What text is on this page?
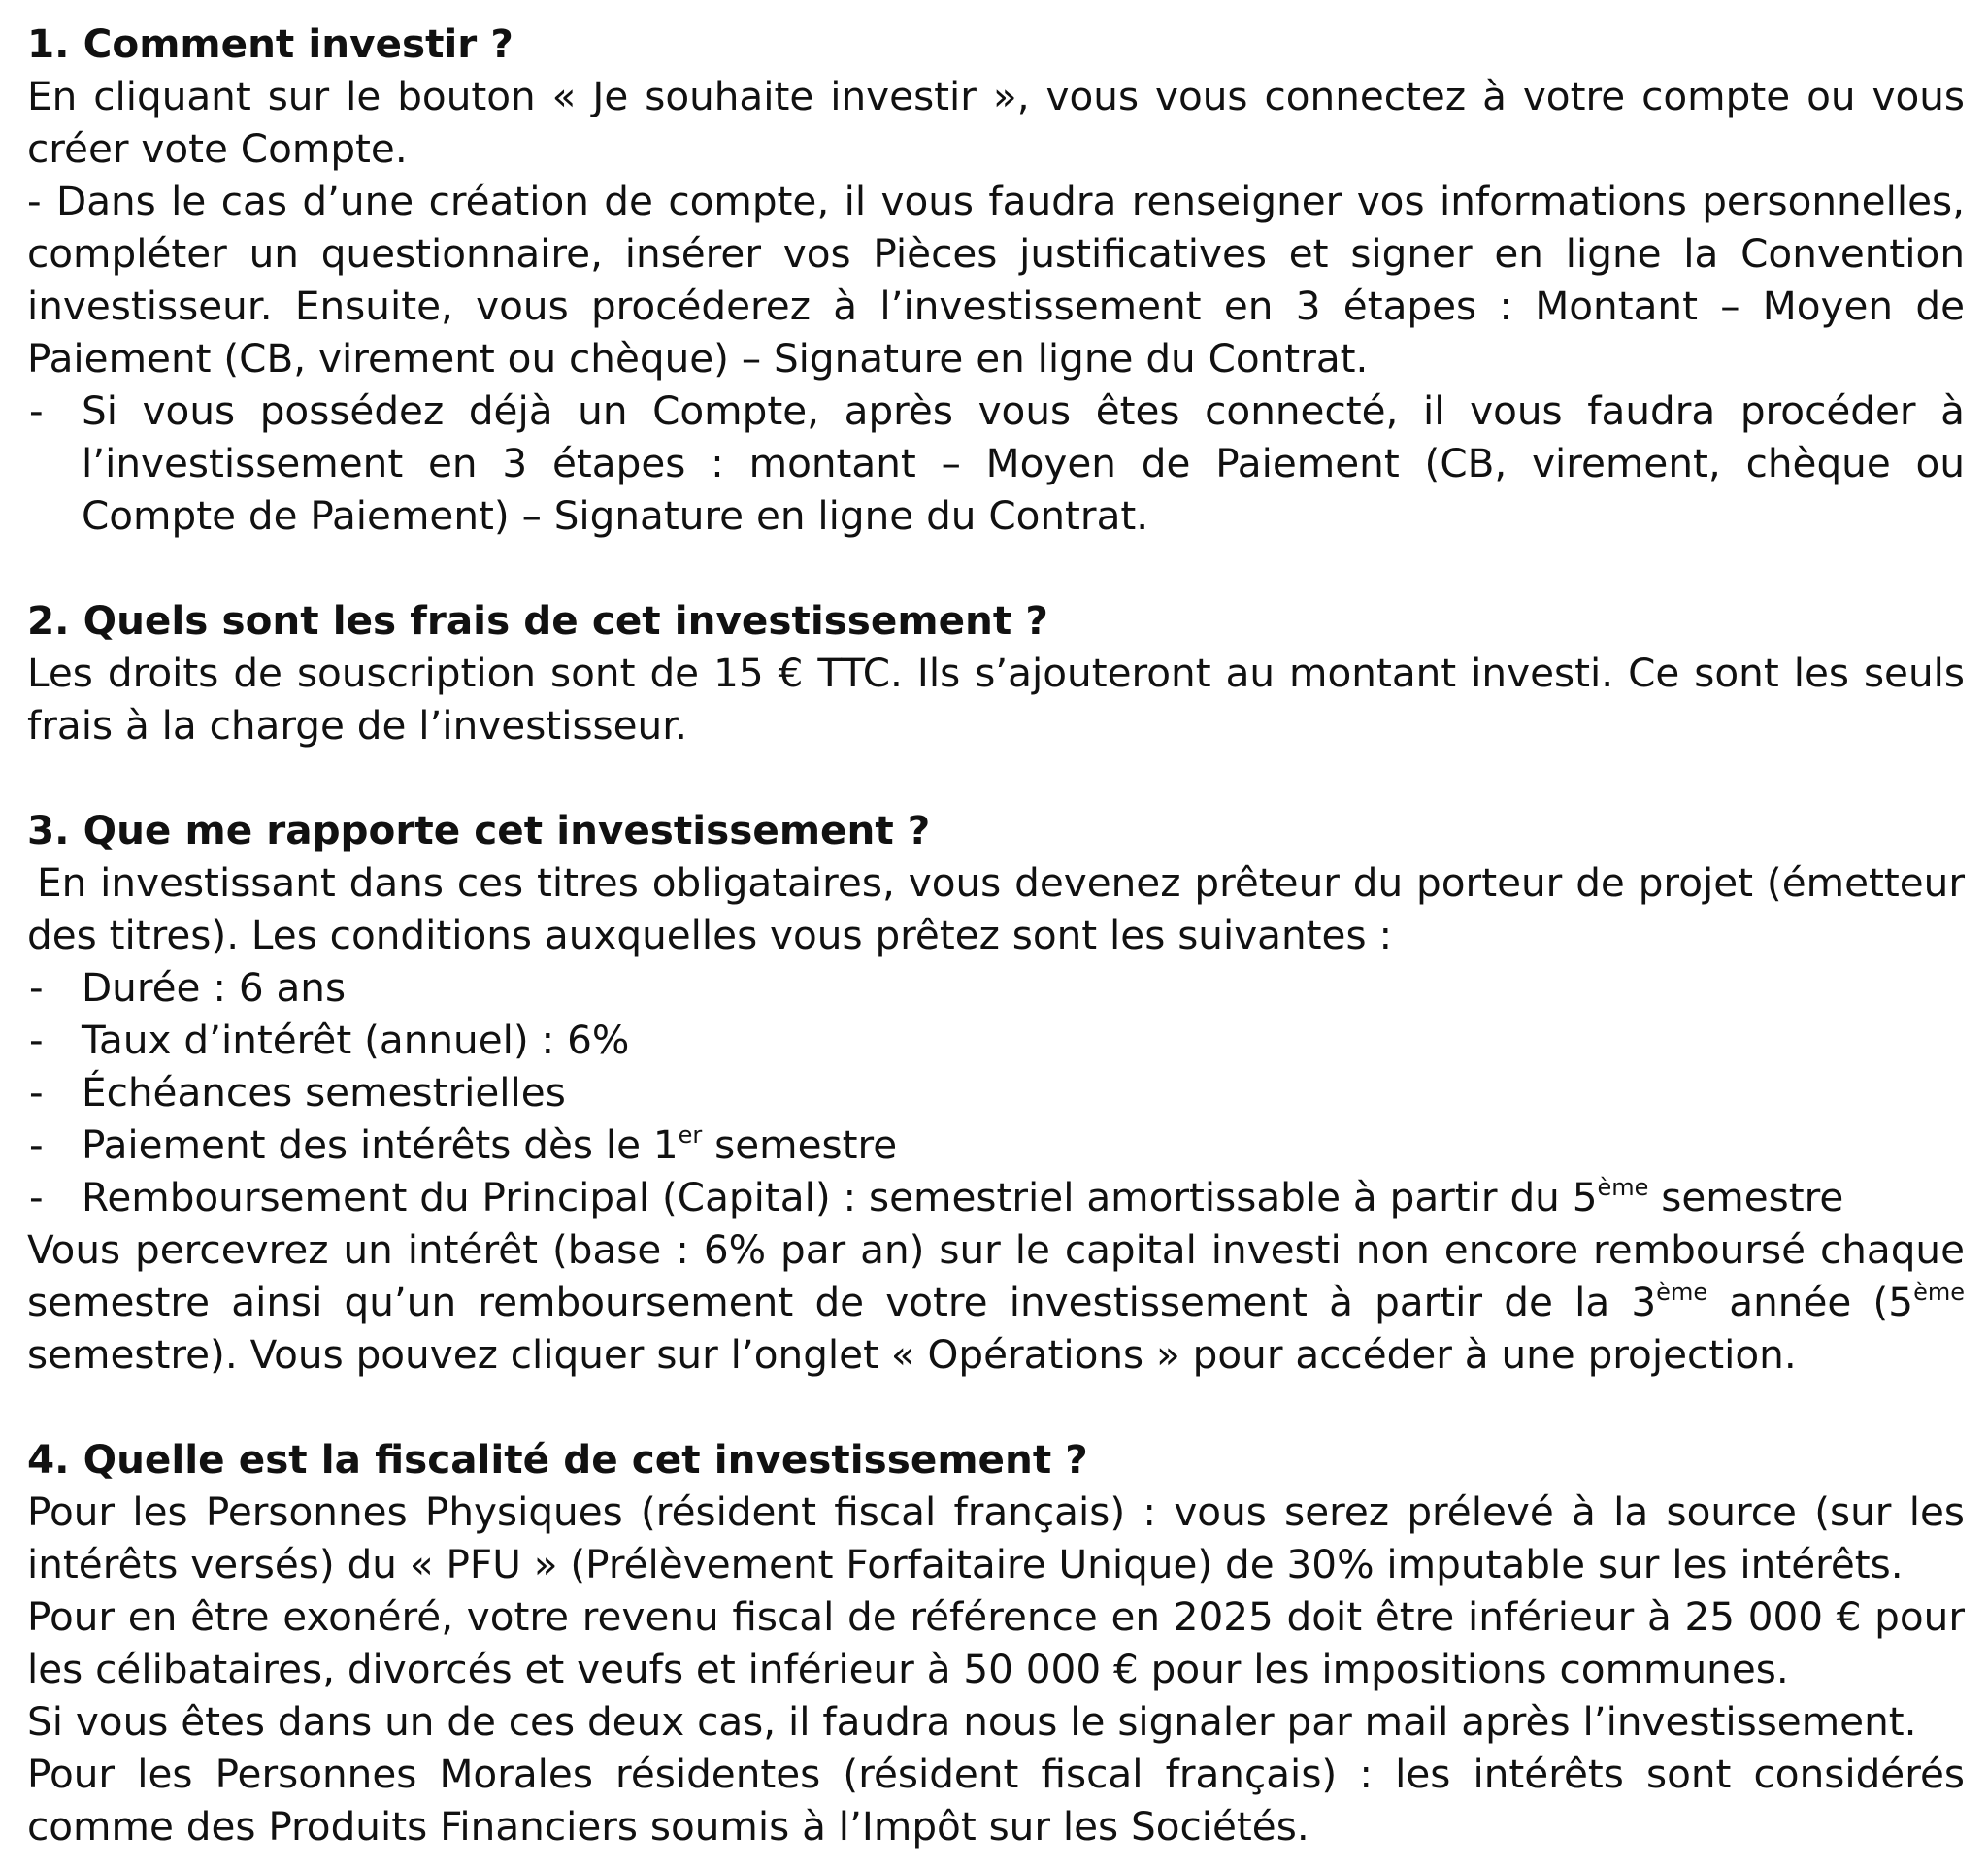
1. Comment investir ?

En cliquant sur le bouton « Je souhaite investir », vous vous connectez à votre compte ou vous créer vote Compte.

- Dans le cas d’une création de compte, il vous faudra renseigner vos informations personnelles, compléter un questionnaire, insérer vos Pièces justificatives et signer en ligne la Convention investisseur. Ensuite, vous procéderez à l’investissement en 3 étapes : Montant – Moyen de Paiement (CB, virement ou chèque) – Signature en ligne du Contrat.

- Si vous possédez déjà un Compte, après vous êtes connecté, il vous faudra procéder à l’investissement en 3 étapes : montant – Moyen de Paiement (CB, virement, chèque ou Compte de Paiement) – Signature en ligne du Contrat.
2. Quels sont les frais de cet investissement ?

Les droits de souscription sont de 15 € TTC. Ils s’ajouteront au montant investi. Ce sont les seuls frais à la charge de l’investisseur.

3. Que me rapporte cet investissement ?

En investissant dans ces titres obligataires, vous devenez prêteur du porteur de projet (émetteur des titres). Les conditions auxquelles vous prêtez sont les suivantes :

- Durée : 6 ans
- Taux d’intérêt (annuel) : 6%
- Échéances semestrielles
- Paiement des intérêts dès le 1er semestre
- Remboursement du Principal (Capital) : semestriel amortissable à partir du 5ème semestre

Vous percevrez un intérêt (base : 6% par an) sur le capital investi non encore remboursé chaque semestre ainsi qu’un remboursement de votre investissement à partir de la 3ème année (5ème semestre). Vous pouvez cliquer sur l’onglet « Opérations » pour accéder à une projection.

4. Quelle est la fiscalité de cet investissement ?

Pour les Personnes Physiques (résident fiscal français) : vous serez prélevé à la source (sur les intérêts versés) du « PFU » (Prélèvement Forfaitaire Unique) de 30% imputable sur les intérêts.

Pour en être exonéré, votre revenu fiscal de référence en 2025 doit être inférieur à 25 000 € pour les célibataires, divorcés et veufs et inférieur à 50 000 € pour les impositions communes.

Si vous êtes dans un de ces deux cas, il faudra nous le signaler par mail après l’investissement.

Pour les Personnes Morales résidentes (résident fiscal français) : les intérêts sont considérés comme des Produits Financiers soumis à l’Impôt sur les Sociétés.
